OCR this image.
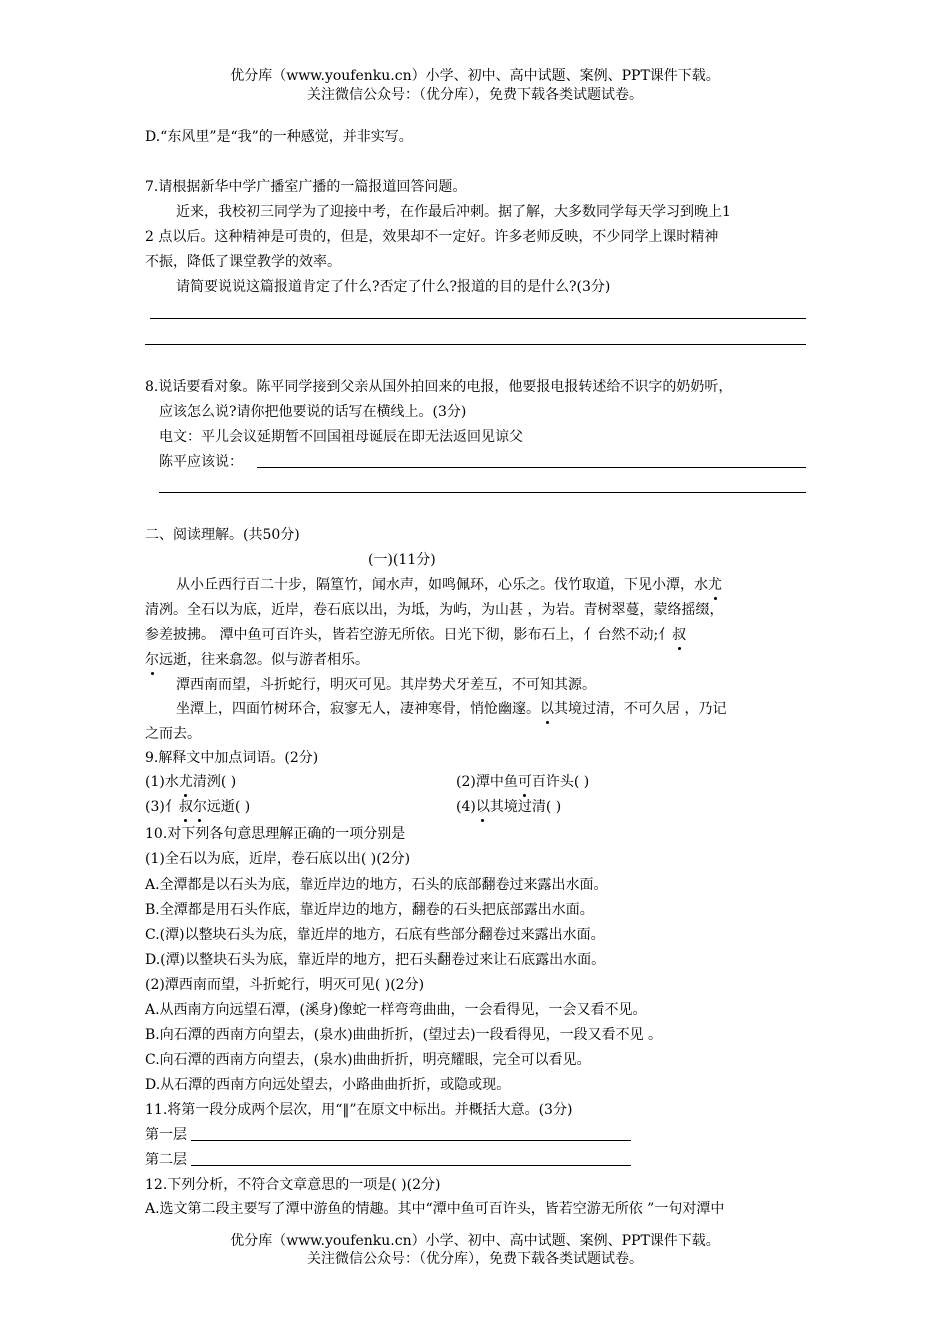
优分库（www.youfenku.cn）小学、初中、高中试题、案例、PPT课件下载。
关注微信公众号：（优分库），免费下载各类试题试卷。
D.“东风里”是“我”的一种感觉，并非实写。
7.请根据新华中学广播室广播的一篇报道回答问题。
近来，我校初三同学为了迎接中考，在作最后冲刺。据了解，大多数同学每天学习到晚上1
2 点以后。这种精神是可贵的，但是，效果却不一定好。许多老师反映，不少同学上课时精神
不振，降低了课堂教学的效率。
请简要说说这篇报道肯定了什么?否定了什么?报道的目的是什么?(3分)
8.说话要看对象。陈平同学接到父亲从国外拍回来的电报，他要报电报转述给不识字的奶奶听，
应该怎么说?请你把他要说的话写在横线上。(3分)
电文：平儿会议延期暂不回国祖母诞辰在即无法返回见谅父
陈平应该说：
二、阅读理解。(共50分)
(一)(11分)
从小丘西行百二十步，隔篁竹，闻水声，如鸣佩环，心乐之。伐竹取道，下见小潭，水尤
清冽。全石以为底，近岸，卷石底以出，为坻，为屿，为山甚 ，为岩。青树翠蔓，蒙络摇缀，
参差披拂。 潭中鱼可百许头，皆若空游无所依。日光下彻，影布石上，亻台然不动;亻叔
尔远逝，往来翕忽。似与游者相乐。
潭西南而望，斗折蛇行，明灭可见。其岸势犬牙差互，不可知其源。
坐潭上，四面竹树环合，寂寥无人，凄神寒骨，悄怆幽邃。以其境过清，不可久居 ，乃记
之而去。
9.解释文中加点词语。(2分)
(1)水尤清洌( )	(2)潭中鱼可百许头( )
(3)亻叔尔远逝( )	(4)以其境过清( )
10.对下列各句意思理解正确的一项分别是
(1)全石以为底，近岸，卷石底以出( )(2分)
A.全潭都是以石头为底，靠近岸边的地方，石头的底部翻卷过来露出水面。
B.全潭都是用石头作底，靠近岸边的地方，翻卷的石头把底部露出水面。
C.(潭)以整块石头为底，靠近岸的地方，石底有些部分翻卷过来露出水面。
D.(潭)以整块石头为底，靠近岸的地方，把石头翻卷过来让石底露出水面。
(2)潭西南而望，斗折蛇行，明灭可见( )(2分)
A.从西南方向远望石潭，(溪身)像蛇一样弯弯曲曲，一会看得见，一会又看不见。
B.向石潭的西南方向望去，(泉水)曲曲折折，(望过去)一段看得见，一段又看不见 。
C.向石潭的西南方向望去，(泉水)曲曲折折，明亮耀眼，完全可以看见。
D.从石潭的西南方向远处望去，小路曲曲折折，或隐或现。
11.将第一段分成两个层次，用“‖”在原文中标出。并概括大意。(3分)
第一层
第二层
12.下列分析，不符合文章意思的一项是( )(2分)
A.选文第二段主要写了潭中游鱼的情趣。其中“潭中鱼可百许头，皆若空游无所依 ”一句对潭中
优分库（www.youfenku.cn）小学、初中、高中试题、案例、PPT课件下载。
关注微信公众号：（优分库），免费下载各类试题试卷。
